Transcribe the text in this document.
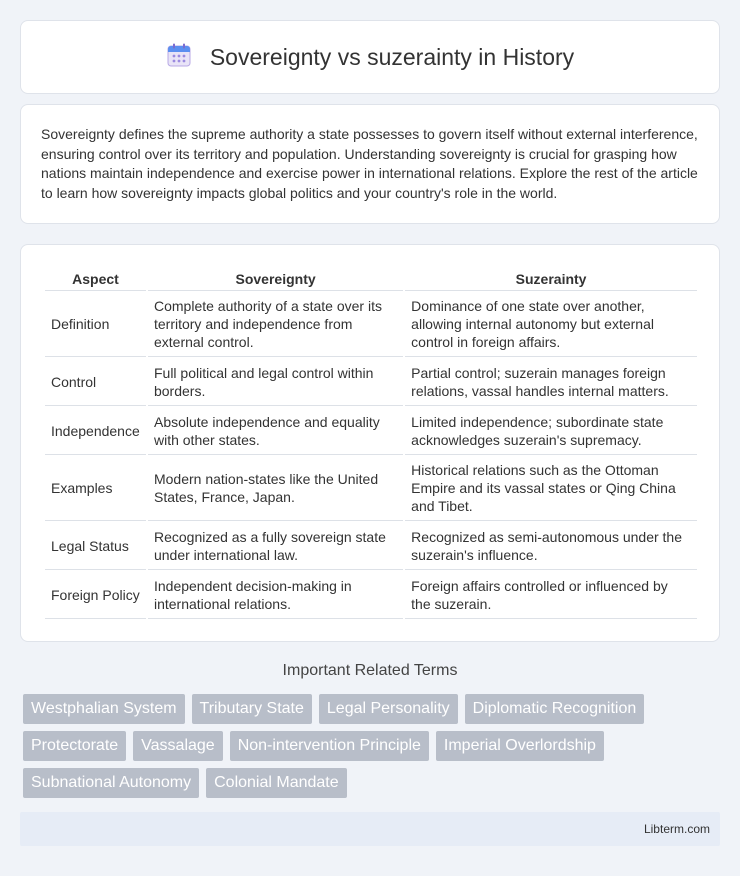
Sovereignty vs suzerainty in History

Sovereignty defines the supreme authority a state possesses to govern itself without external interference, ensuring control over its territory and population. Understanding sovereignty is crucial for grasping how nations maintain independence and exercise power in international relations. Explore the rest of the article to learn how sovereignty impacts global politics and your country's role in the world.

Aspect	Sovereignty	Suzerainty
Definition	Complete authority of a state over its territory and independence from external control.	Dominance of one state over another, allowing internal autonomy but external control in foreign affairs.
Control	Full political and legal control within borders.	Partial control; suzerain manages foreign relations, vassal handles internal matters.
Independence	Absolute independence and equality with other states.	Limited independence; subordinate state acknowledges suzerain's supremacy.
Examples	Modern nation-states like the United States, France, Japan.	Historical relations such as the Ottoman Empire and its vassal states or Qing China and Tibet.
Legal Status	Recognized as a fully sovereign state under international law.	Recognized as semi-autonomous under the suzerain's influence.
Foreign Policy	Independent decision-making in international relations.	Foreign affairs controlled or influenced by the suzerain.
Important Related Terms
Westphalian System	Tributary State	Legal Personality	Diplomatic Recognition
Protectorate	Vassalage	Non-intervention Principle	Imperial Overlordship
Subnational Autonomy	Colonial Mandate
Libterm.com
